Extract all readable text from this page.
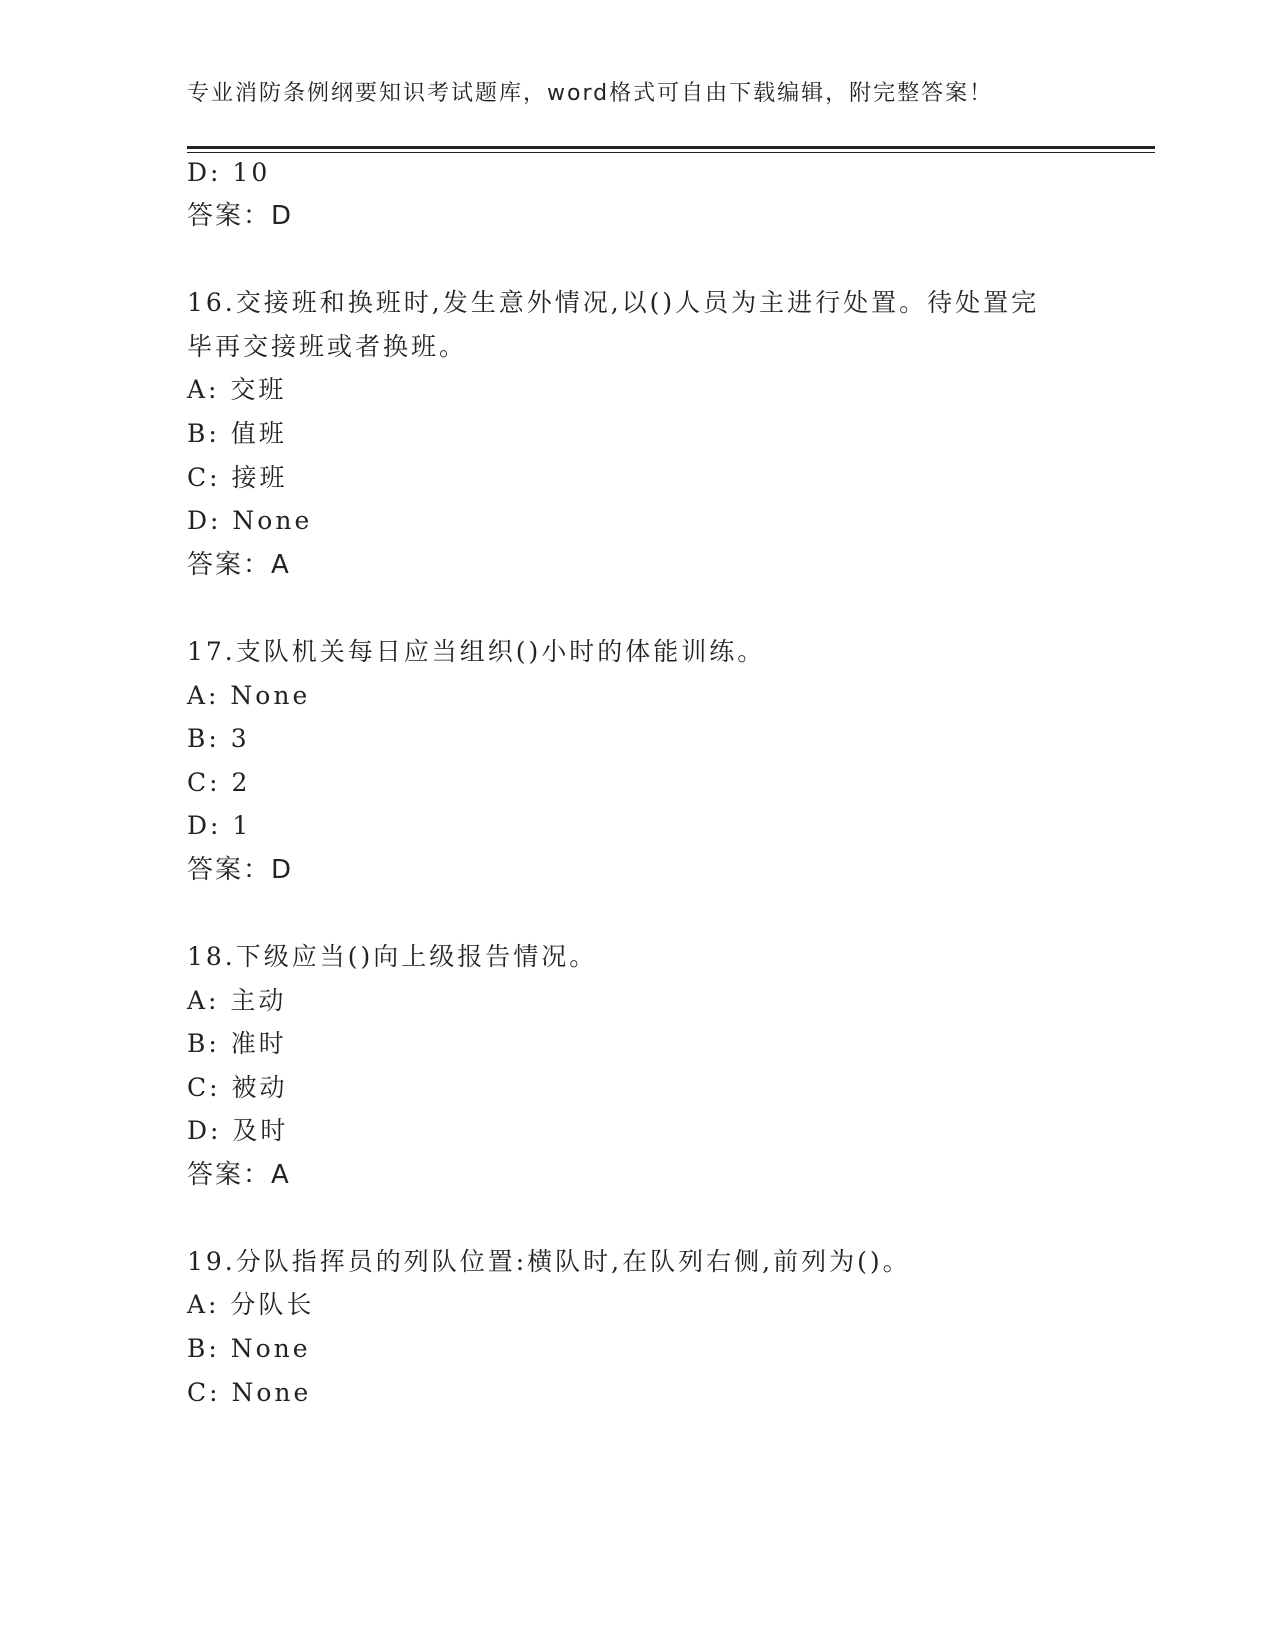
专业消防条例纲要知识考试题库，word格式可自由下载编辑，附完整答案！
D: 10
答案：D
16.交接班和换班时,发生意外情况,以()人员为主进行处置。待处置完
毕再交接班或者换班。
A: 交班
B: 值班
C: 接班
D: None
答案：A
17.支队机关每日应当组织()小时的体能训练。
A: None
B: 3
C: 2
D: 1
答案：D
18.下级应当()向上级报告情况。
A: 主动
B: 准时
C: 被动
D: 及时
答案：A
19.分队指挥员的列队位置:横队时,在队列右侧,前列为()。
A: 分队长
B: None
C: None
